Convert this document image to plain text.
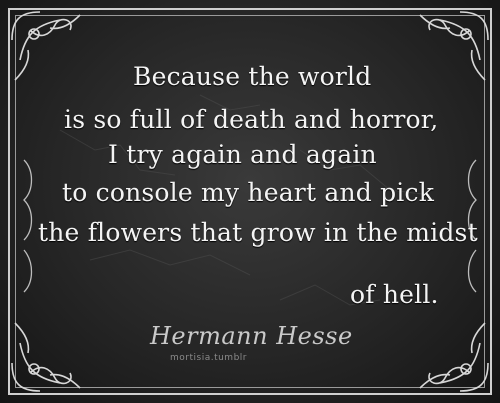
Because the world
is so full of death and horror,
I try again and again
to console my heart and pick
the flowers that grow in the midst
of hell.
Hermann Hesse
mortisia.tumblr
